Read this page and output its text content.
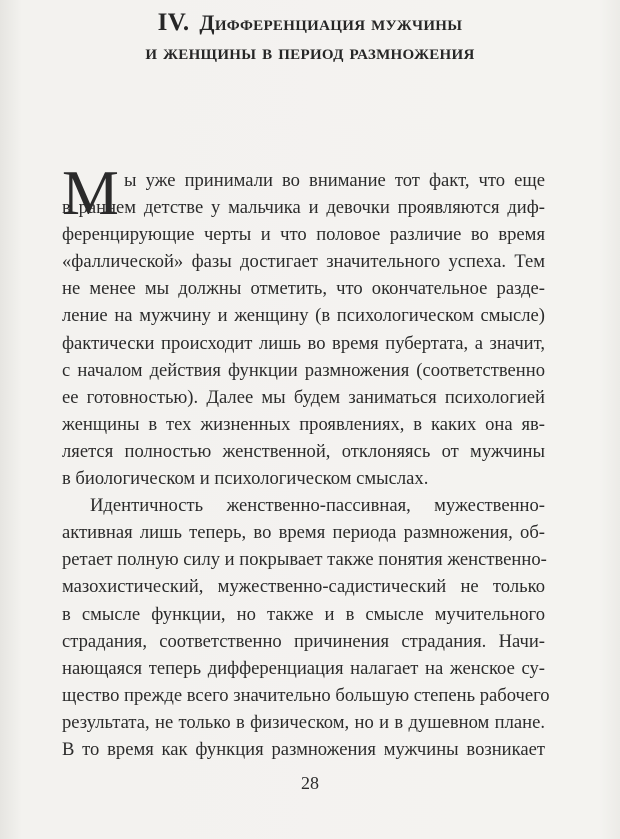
IV. Дифференциация мужчины
и женщины в период размножения
М ы уже принимали во внимание тот факт, что еще
в раннем детстве у мальчика и девочки проявляются диф-
ференцирующие черты и что половое различие во время
«фаллической» фазы достигает значительного успеха. Тем
не менее мы должны отметить, что окончательное разде-
ление на мужчину и женщину (в психологическом смысле)
фактически происходит лишь во время пубертата, а значит,
с началом действия функции размножения (соответственно
ее готовностью). Далее мы будем заниматься психологией
женщины в тех жизненных проявлениях, в каких она яв-
ляется полностью женственной, отклоняясь от мужчины
в биологическом и психологическом смыслах.
Идентичность женственно-пассивная, мужественно-
активная лишь теперь, во время периода размножения, об-
ретает полную силу и покрывает также понятия женственно-
мазохистический, мужественно-садистический не только
в смысле функции, но также и в смысле мучительного
страдания, соответственно причинения страдания. Начи-
нающаяся теперь дифференциация налагает на женское су-
щество прежде всего значительно большую степень рабочего
результата, не только в физическом, но и в душевном плане.
В то время как функция размножения мужчины возникает
28
